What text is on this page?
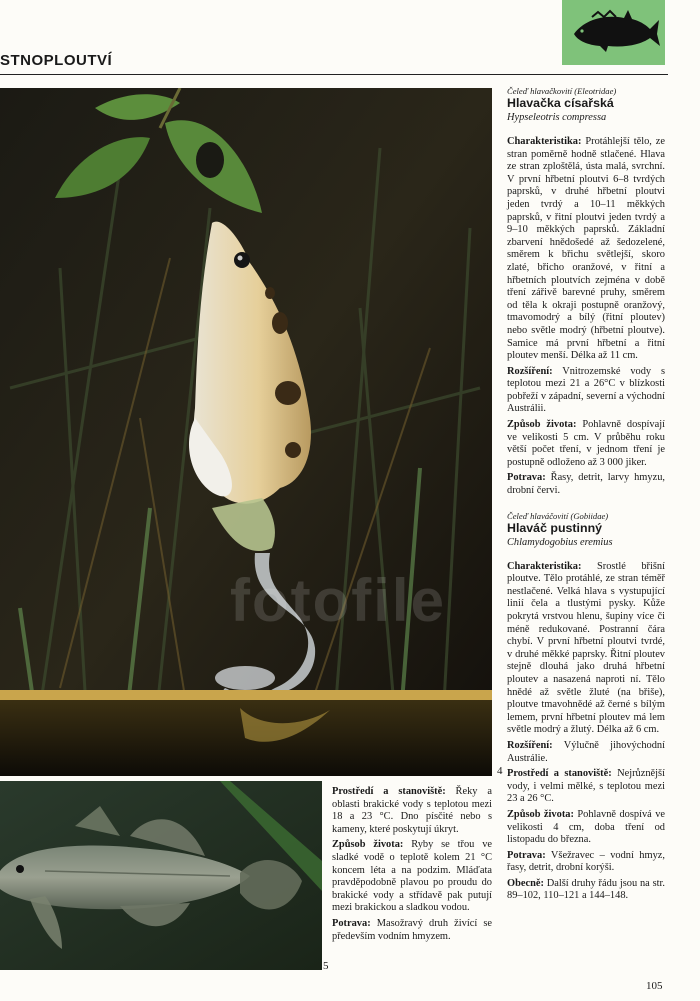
STNOPLOUTVÍ
fotofile
4
5
Čeleď hlavačkovití (Eleotridae)
Hlavačka císařská
Hypseleotris compressa

Charakteristika: Protáhlejší tělo, ze stran poměrně hodně stlačené. Hlava ze stran zploštělá, ústa malá, svrchní. V první hřbetní ploutvi 6–8 tvrdých paprsků, v druhé hřbetní ploutvi jeden tvrdý a 10–11 měkkých paprsků, v řitní ploutvi jeden tvrdý a 9–10 měkkých paprsků. Základní zbarvení hnědošedé až šedozelené, směrem k břichu světlejší, skoro zlaté, břicho oranžové, v řitní a hřbetních ploutvích zejména v době tření zářivě barevné pruhy, směrem od těla k okraji postupně oranžový, tmavomodrý a bílý (řitní ploutev) nebo světle modrý (hřbetní ploutve). Samice má první hřbetní a řitní ploutev menší. Délka až 11 cm.

Rozšíření: Vnitrozemské vody s teplotou mezi 21 a 26°C v blízkosti pobřeží v západní, severní a východní Austrálii.

Způsob života: Pohlavně dospívají ve velikosti 5 cm. V průběhu roku větší počet tření, v jednom tření je postupně odloženo až 3 000 jiker.

Potrava: Řasy, detrit, larvy hmyzu, drobní červi.

Čeleď hlaváčovití (Gobiidae)
Hlaváč pustinný
Chlamydogobius eremius

Charakteristika: Srostlé břišní ploutve. Tělo protáhlé, ze stran téměř nestlačené. Velká hlava s vystupující linií čela a tlustými pysky. Kůže pokrytá vrstvou hlenu, šupiny více či méně redukované. Postranní čára chybí. V první hřbetní ploutvi tvrdé, v druhé měkké paprsky. Řitní ploutev stejně dlouhá jako druhá hřbetní ploutev a nasazená naproti ní. Tělo hnědé až světle žluté (na břiše), ploutve tmavohnědé až černé s bílým lemem, první hřbetní ploutev má lem světle modrý a žlutý. Délka až 6 cm.

Rozšíření: Výlučně jihovýchodní Austrálie.

Prostředí a stanoviště: Nejrůznější vody, i velmi mělké, s teplotou mezi 23 a 26 °C.

Způsob života: Pohlavně dospívá ve velikosti 4 cm, doba tření od listopadu do března.

Potrava: Všežravec – vodní hmyz, řasy, detrit, drobní korýši.

Obecně: Další druhy řádu jsou na str. 89–102, 110–121 a 144–148.

Prostředí a stanoviště: Řeky a oblasti brakické vody s teplotou mezi 18 a 23 °C. Dno písčité nebo s kameny, které poskytují úkryt.

Způsob života: Ryby se třou ve sladké vodě o teplotě kolem 21 °C koncem léta a na podzim. Mláďata pravděpodobně plavou po proudu do brakické vody a střídavě pak putují mezi brakickou a sladkou vodou.

Potrava: Masožravý druh živící se především vodním hmyzem.

105
